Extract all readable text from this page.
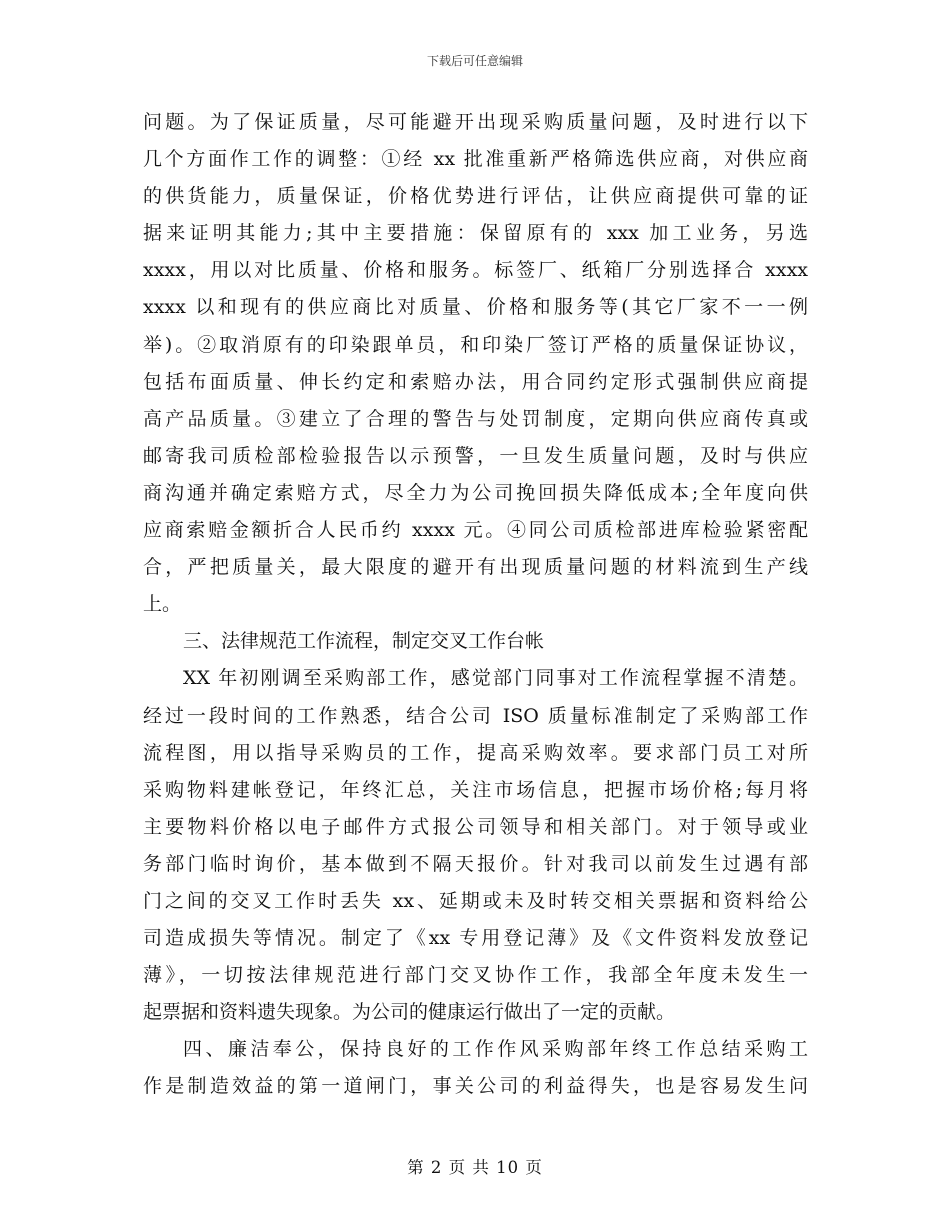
下载后可任意编辑
问题。为了保证质量，尽可能避开出现采购质量问题，及时进行以下
几个方面作工作的调整：①经 xx 批准重新严格筛选供应商，对供应商
的供货能力，质量保证，价格优势进行评估，让供应商提供可靠的证
据来证明其能力;其中主要措施：保留原有的 xxx 加工业务，另选
xxxx，用以对比质量、价格和服务。标签厂、纸箱厂分别选择合 xxxx
xxxx 以和现有的供应商比对质量、价格和服务等(其它厂家不一一例
举)。②取消原有的印染跟单员，和印染厂签订严格的质量保证协议，
包括布面质量、伸长约定和索赔办法，用合同约定形式强制供应商提
高产品质量。③建立了合理的警告与处罚制度，定期向供应商传真或
邮寄我司质检部检验报告以示预警，一旦发生质量问题，及时与供应
商沟通并确定索赔方式，尽全力为公司挽回损失降低成本;全年度向供
应商索赔金额折合人民币约 xxxx 元。④同公司质检部进库检验紧密配
合，严把质量关，最大限度的避开有出现质量问题的材料流到生产线
上。
三、法律规范工作流程，制定交叉工作台帐
XX 年初刚调至采购部工作，感觉部门同事对工作流程掌握不清楚。
经过一段时间的工作熟悉，结合公司 ISO 质量标准制定了采购部工作
流程图，用以指导采购员的工作，提高采购效率。要求部门员工对所
采购物料建帐登记，年终汇总，关注市场信息，把握市场价格;每月将
主要物料价格以电子邮件方式报公司领导和相关部门。对于领导或业
务部门临时询价，基本做到不隔天报价。针对我司以前发生过遇有部
门之间的交叉工作时丢失 xx、延期或未及时转交相关票据和资料给公
司造成损失等情况。制定了《xx 专用登记薄》及《文件资料发放登记
薄》，一切按法律规范进行部门交叉协作工作，我部全年度未发生一
起票据和资料遗失现象。为公司的健康运行做出了一定的贡献。
四、廉洁奉公，保持良好的工作作风采购部年终工作总结采购工
作是制造效益的第一道闸门，事关公司的利益得失，也是容易发生问
第 2 页 共 10 页
